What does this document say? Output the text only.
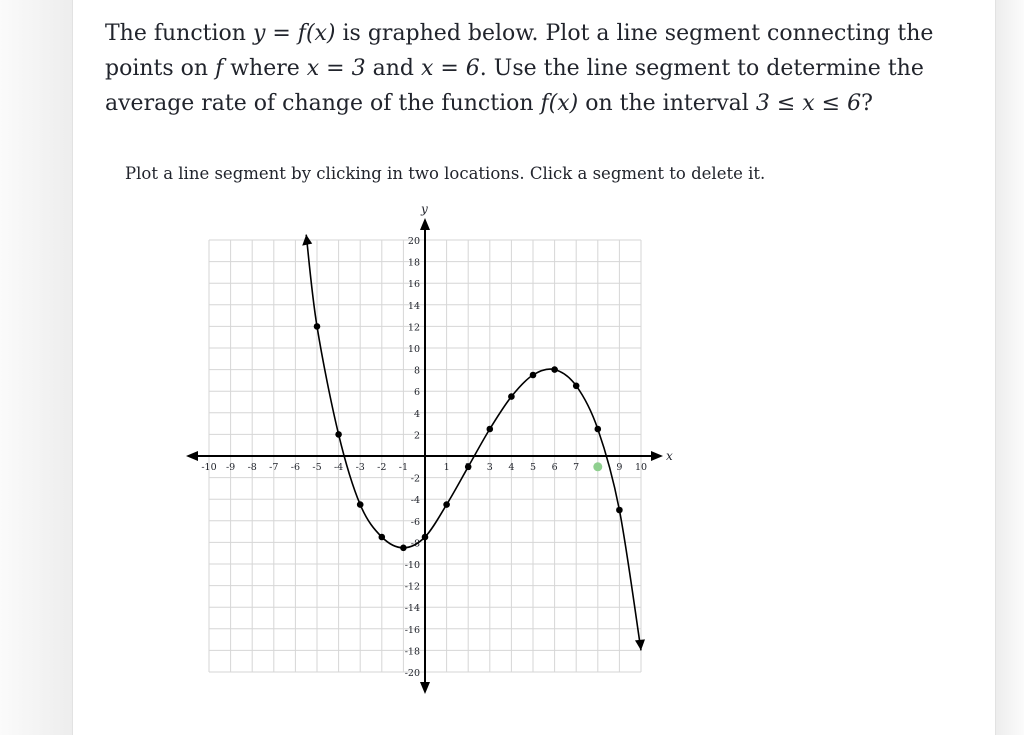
The function y = f(x) is graphed below. Plot a line segment connecting the points on f where x = 3 and x = 6. Use the line segment to determine the average rate of change of the function f(x) on the interval 3 ≤ x ≤ 6?

Plot a line segment by clicking in two locations. Click a segment to delete it.

x
y
-10 -9 -8 -7 -6 -5 -4 -3 -2 -1	1	3 4 5 6 7	9 10
20
18
16
14
12
10
8
6
4
2
-2
-4
-6
-8
-10
-12
-14
-16
-18
-20
